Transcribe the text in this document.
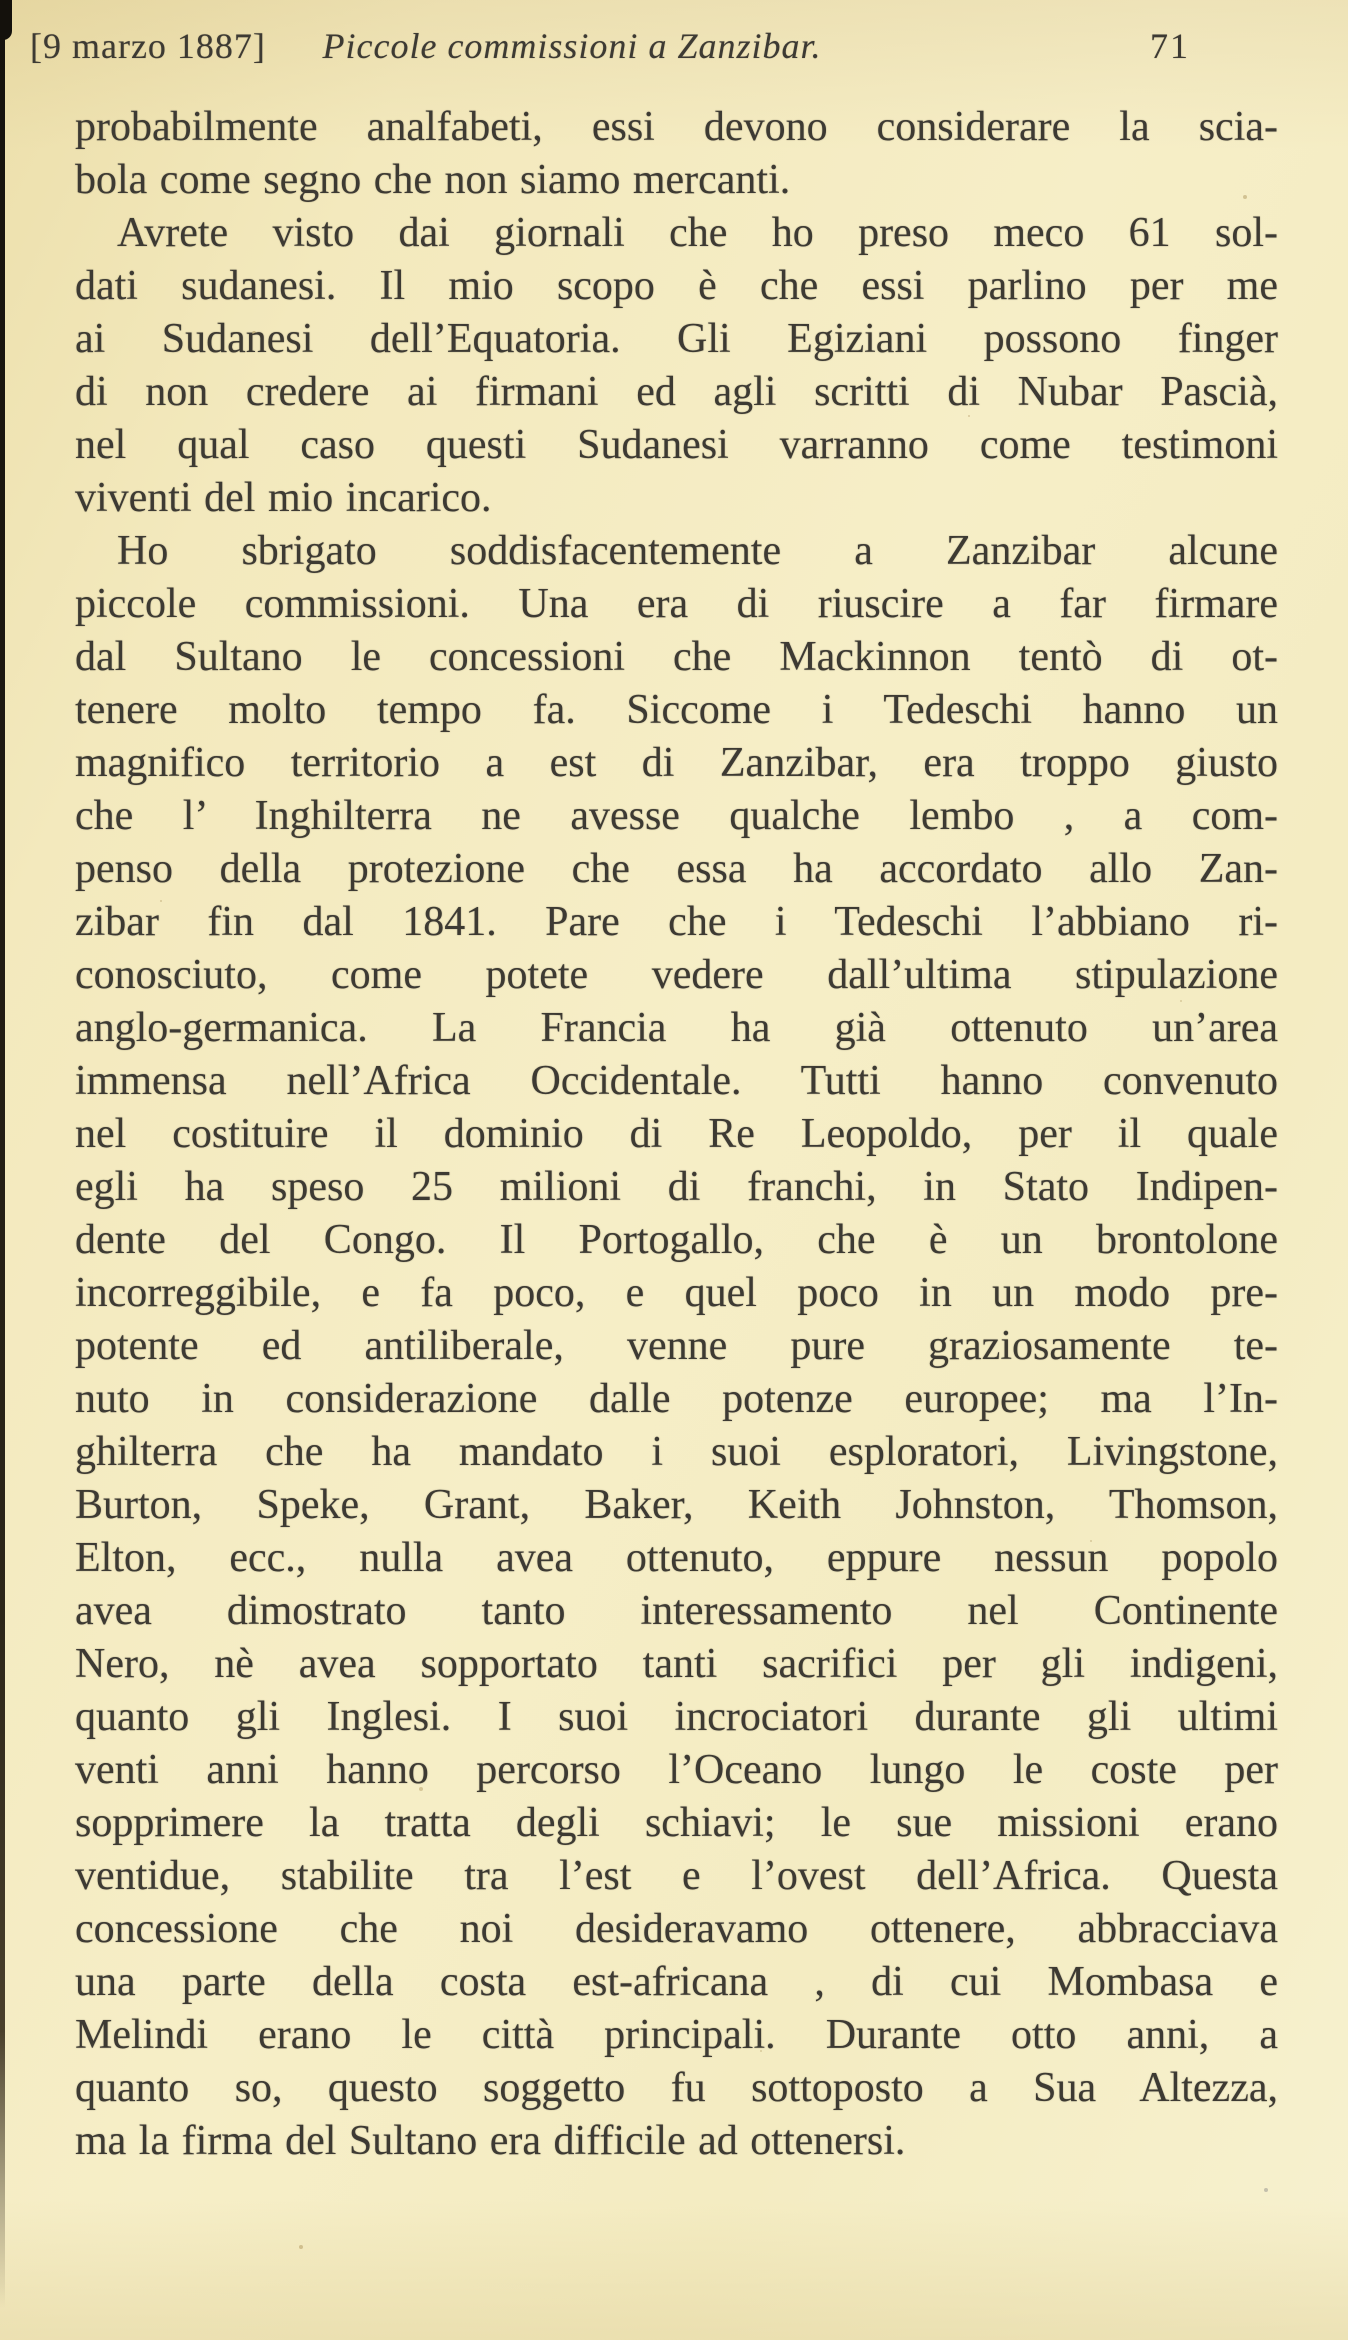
[9 marzo 1887] Piccole commissioni a Zanzibar.	71
probabilmente analfabeti, essi devono considerare la scia-
bola come segno che non siamo mercanti.
Avrete visto dai giornali che ho preso meco 61 sol-
dati sudanesi. Il mio scopo è che essi parlino per me
ai Sudanesi dell’Equatoria. Gli Egiziani possono finger
di non credere ai firmani ed agli scritti di Nubar Pascià,
nel qual caso questi Sudanesi varranno come testimoni
viventi del mio incarico.
Ho sbrigato soddisfacentemente a Zanzibar alcune
piccole commissioni. Una era di riuscire a far firmare
dal Sultano le concessioni che Mackinnon tentò di ot-
tenere molto tempo fa. Siccome i Tedeschi hanno un
magnifico territorio a est di Zanzibar, era troppo giusto
che l’ Inghilterra ne avesse qualche lembo , a com-
penso della protezione che essa ha accordato allo Zan-
zibar fin dal 1841. Pare che i Tedeschi l’abbiano ri-
conosciuto, come potete vedere dall’ultima stipulazione
anglo-germanica. La Francia ha già ottenuto un’area
immensa nell’Africa Occidentale. Tutti hanno convenuto
nel costituire il dominio di Re Leopoldo, per il quale
egli ha speso 25 milioni di franchi, in Stato Indipen-
dente del Congo. Il Portogallo, che è un brontolone
incorreggibile, e fa poco, e quel poco in un modo pre-
potente ed antiliberale, venne pure graziosamente te-
nuto in considerazione dalle potenze europee; ma l’In-
ghilterra che ha mandato i suoi esploratori, Livingstone,
Burton, Speke, Grant, Baker, Keith Johnston, Thomson,
Elton, ecc., nulla avea ottenuto, eppure nessun popolo
avea dimostrato tanto interessamento nel Continente
Nero, nè avea sopportato tanti sacrifici per gli indigeni,
quanto gli Inglesi. I suoi incrociatori durante gli ultimi
venti anni hanno percorso l’Oceano lungo le coste per
sopprimere la tratta degli schiavi; le sue missioni erano
ventidue, stabilite tra l’est e l’ovest dell’Africa. Questa
concessione che noi desideravamo ottenere, abbracciava
una parte della costa est-africana , di cui Mombasa e
Melindi erano le città principali. Durante otto anni, a
quanto so, questo soggetto fu sottoposto a Sua Altezza,
ma la firma del Sultano era difficile ad ottenersi.
